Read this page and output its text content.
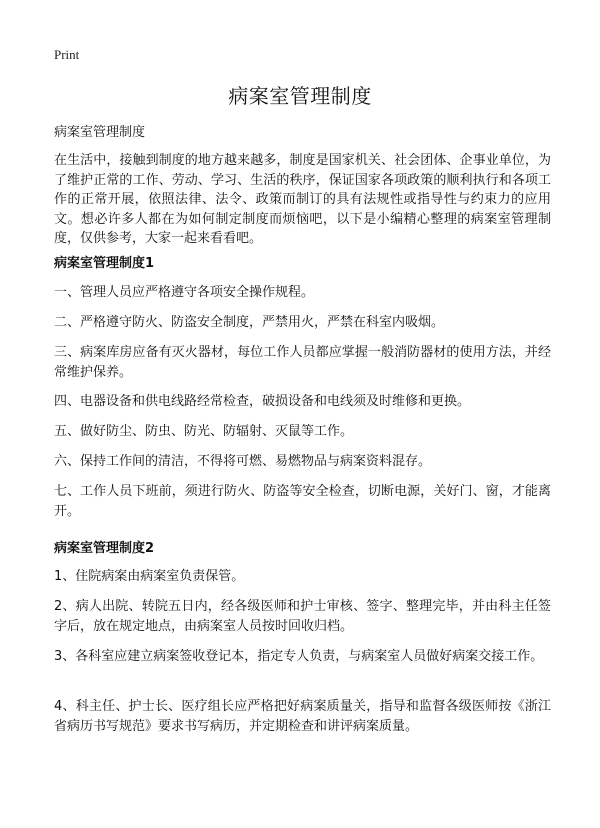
Print
病案室管理制度

病案室管理制度

在生活中，接触到制度的地方越来越多，制度是国家机关、社会团体、企事业单位，为了维护正常的工作、劳动、学习、生活的秩序，保证国家各项政策的顺利执行和各项工作的正常开展，依照法律、法令、政策而制订的具有法规性或指导性与约束力的应用文。想必许多人都在为如何制定制度而烦恼吧，以下是小编精心整理的病案室管理制度，仅供参考，大家一起来看看吧。

病案室管理制度1

一、管理人员应严格遵守各项安全操作规程。

二、严格遵守防火、防盗安全制度，严禁用火，严禁在科室内吸烟。

三、病案库房应备有灭火器材，每位工作人员都应掌握一般消防器材的使用方法，并经常维护保养。

四、电器设备和供电线路经常检查，破损设备和电线须及时维修和更换。

五、做好防尘、防虫、防光、防辐射、灭鼠等工作。

六、保持工作间的清洁，不得将可燃、易燃物品与病案资料混存。

七、工作人员下班前，须进行防火、防盗等安全检查，切断电源，关好门、窗，才能离开。

病案室管理制度2

1、住院病案由病案室负责保管。

2、病人出院、转院五日内，经各级医师和护士审核、签字、整理完毕，并由科主任签字后，放在规定地点，由病案室人员按时回收归档。

3、各科室应建立病案签收登记本，指定专人负责，与病案室人员做好病案交接工作。

4、科主任、护士长、医疗组长应严格把好病案质量关，指导和监督各级医师按《浙江省病历书写规范》要求书写病历，并定期检查和讲评病案质量。
